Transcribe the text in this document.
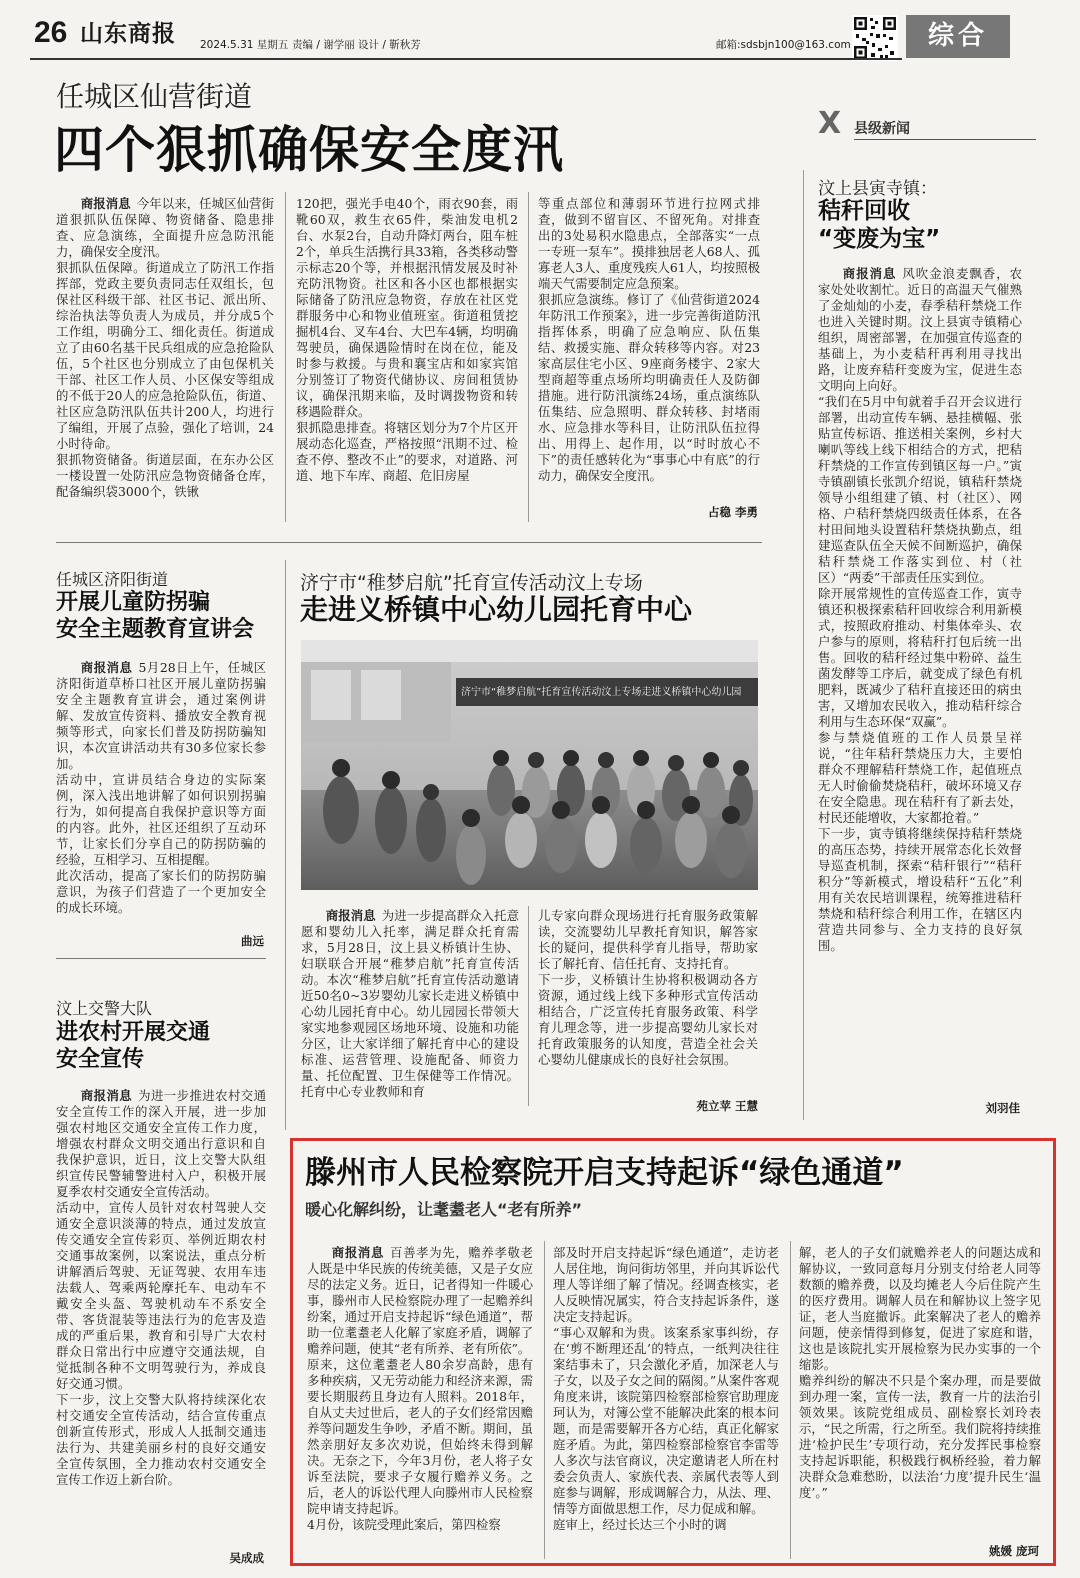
26 山东商报 2024.5.31 星期五 责编 / 谢学丽 设计 / 靳秋芳	邮箱:sdsbjn100@163.com	综合
X 县级新闻
任城区仙营街道
四个狠抓确保安全度汛

商报消息 今年以来，任城区仙营街道狠抓队伍保障、物资储备、隐患排查、应急演练，全面提升应急防汛能力，确保安全度汛。
狠抓队伍保障。街道成立了防汛工作指挥部，党政主要负责同志任双组长，包保社区科级干部、社区书记、派出所、综治执法等负责人为成员，并分成5个工作组，明确分工、细化责任。街道成立了由60名基干民兵组成的应急抢险队伍，5个社区也分别成立了由包保机关干部、社区工作人员、小区保安等组成的不低于20人的应急抢险队伍，街道、社区应急防汛队伍共计200人，均进行了编组，开展了点验，强化了培训，24小时待命。
狠抓物资储备。街道层面，在东办公区一楼设置一处防汛应急物资储备仓库，配备编织袋3000个，铁锹

120把，强光手电40个，雨衣90套，雨靴60双，救生衣65件，柴油发电机2台、水泵2台，自动升降灯两台，阻车桩2个，单兵生活携行具33箱，各类移动警示标志20个等，并根据汛情发展及时补充防汛物资。社区和各小区也都根据实际储备了防汛应急物资，存放在社区党群服务中心和物业值班室。街道租赁挖掘机4台、叉车4台、大巴车4辆，均明确驾驶员，确保遇险情时在岗在位，能及时参与救援。与贵和襄宝店和如家宾馆分别签订了物资代储协议、房间租赁协议，确保汛期来临，及时调拨物资和转移遇险群众。
狠抓隐患排查。将辖区划分为7个片区开展动态化巡查，严格按照“汛期不过、检查不停、整改不止”的要求，对道路、河道、地下车库、商超、危旧房屋

等重点部位和薄弱环节进行拉网式排查，做到不留盲区、不留死角。对排查出的3处易积水隐患点，全部落实“一点一专班一泵车”。摸排独居老人68人、孤寡老人3人、重度残疾人61人，均按照极端天气需要制定应急预案。
狠抓应急演练。修订了《仙营街道2024年防汛工作预案》，进一步完善街道防汛指挥体系，明确了应急响应、队伍集结、救援实施、群众转移等内容。对23家高层住宅小区、9座商务楼宇、2家大型商超等重点场所均明确责任人及防御措施。进行防汛演练24场，重点演练队伍集结、应急照明、群众转移、封堵雨水、应急排水等科目，让防汛队伍拉得出、用得上、起作用，以“时时放心不下”的责任感转化为“事事心中有底”的行动力，确保安全度汛。

占稳 李勇
任城区济阳街道
开展儿童防拐骗
安全主题教育宣讲会

商报消息 5月28日上午，任城区济阳街道草桥口社区开展儿童防拐骗安全主题教育宣讲会，通过案例讲解、发放宣传资料、播放安全教育视频等形式，向家长们普及防拐防骗知识，本次宣讲活动共有30多位家长参加。
活动中，宣讲员结合身边的实际案例，深入浅出地讲解了如何识别拐骗行为，如何提高自我保护意识等方面的内容。此外，社区还组织了互动环节，让家长们分享自己的防拐防骗的经验，互相学习、互相提醒。
此次活动，提高了家长们的防拐防骗意识，为孩子们营造了一个更加安全的成长环境。

曲远
汶上交警大队
进农村开展交通
安全宣传

商报消息 为进一步推进农村交通安全宣传工作的深入开展，进一步加强农村地区交通安全宣传工作力度，增强农村群众文明交通出行意识和自我保护意识，近日，汶上交警大队组织宣传民警辅警进村入户，积极开展夏季农村交通安全宣传活动。
活动中，宣传人员针对农村驾驶人交通安全意识淡薄的特点，通过发放宣传交通安全宣传彩页、举例近期农村交通事故案例，以案说法，重点分析讲解酒后驾驶、无证驾驶、农用车违法载人、驾乘两轮摩托车、电动车不戴安全头盔、驾驶机动车不系安全带、客货混装等违法行为的危害及造成的严重后果，教育和引导广大农村群众日常出行中应遵守交通法规，自觉抵制各种不文明驾驶行为，养成良好交通习惯。
下一步，汶上交警大队将持续深化农村交通安全宣传活动，结合宣传重点创新宣传形式，形成人人抵制交通违法行为、共建美丽乡村的良好交通安全宣传氛围，全力推动农村交通安全宣传工作迈上新台阶。

吴成成
济宁市“稚梦启航”托育宣传活动汶上专场
走进义桥镇中心幼儿园托育中心
济宁市“稚梦启航”托育宣传活动汶上专场走进义桥镇中心幼儿园

商报消息 为进一步提高群众入托意愿和婴幼儿入托率，满足群众托育需求，5月28日，汶上县义桥镇计生协、妇联联合开展“稚梦启航”托育宣传活动。本次“稚梦启航”托育宣传活动邀请近50名0~3岁婴幼儿家长走进义桥镇中心幼儿园托育中心。幼儿园园长带领大家实地参观园区场地环境、设施和功能分区，让大家详细了解托育中心的建设标准、运营管理、设施配备、师资力量、托位配置、卫生保健等工作情况。托育中心专业教师和育

儿专家向群众现场进行托育服务政策解读，交流婴幼儿早教托育知识，解答家长的疑问，提供科学育儿指导，帮助家长了解托育、信任托育、支持托育。
下一步，义桥镇计生协将积极调动各方资源，通过线上线下多种形式宣传活动相结合，广泛宣传托育服务政策、科学育儿理念等，进一步提高婴幼儿家长对托育政策服务的认知度，营造全社会关心婴幼儿健康成长的良好社会氛围。

苑立苹 王慧
汶上县寅寺镇：
秸秆回收
“变废为宝”

商报消息 风吹金浪麦飘香，农家处处收割忙。近日的高温天气催熟了金灿灿的小麦，春季秸秆禁烧工作也进入关键时期。汶上县寅寺镇精心组织，周密部署，在加强宣传巡查的基础上，为小麦秸秆再利用寻找出路，让废弃秸秆变废为宝，促进生态文明向上向好。
“我们在5月中旬就着手召开会议进行部署，出动宣传车辆、悬挂横幅、张贴宣传标语、推送相关案例，乡村大喇叭等线上线下相结合的方式，把秸秆禁烧的工作宣传到镇区每一户。”寅寺镇副镇长张凯介绍说，镇秸秆禁烧领导小组组建了镇、村（社区）、网格、户秸秆禁烧四级责任体系，在各村田间地头设置秸秆禁烧执勤点，组建巡查队伍全天候不间断巡护，确保秸秆禁烧工作落实到位、村（社区）“两委”干部责任压实到位。
除开展常规性的宣传巡查工作，寅寺镇还积极探索秸秆回收综合利用新模式，按照政府推动、村集体牵头、农户参与的原则，将秸秆打包后统一出售。回收的秸秆经过集中粉碎、益生菌发酵等工序后，就变成了绿色有机肥料，既减少了秸秆直接还田的病虫害，又增加农民收入，推动秸秆综合利用与生态环保“双赢”。
参与禁烧值班的工作人员景呈祥说，“往年秸秆禁烧压力大，主要怕群众不理解秸秆禁烧工作，起值班点无人时偷偷焚烧秸秆，破坏环境又存在安全隐患。现在秸秆有了新去处，村民还能增收，大家都抢着。”
下一步，寅寺镇将继续保持秸秆禁烧的高压态势，持续开展常态化长效督导巡查机制，探索“秸秆银行”“秸秆积分”等新模式，增设秸秆“五化”利用有关农民培训课程，统筹推进秸秆禁烧和秸秆综合利用工作，在辖区内营造共同参与、全力支持的良好氛围。

刘羽佳
滕州市人民检察院开启支持起诉“绿色通道”
暖心化解纠纷，让耄耋老人“老有所养”

商报消息 百善孝为先，赡养孝敬老人既是中华民族的传统美德，又是子女应尽的法定义务。近日，记者得知一件暖心事，滕州市人民检察院办理了一起赡养纠纷案，通过开启支持起诉“绿色通道”，帮助一位耄耋老人化解了家庭矛盾，调解了赡养问题，使其“老有所养、老有所依”。
原来，这位耄耋老人80余岁高龄，患有多种疾病，又无劳动能力和经济来源，需要长期服药且身边有人照料。2018年，自从丈夫过世后，老人的子女们经常因赡养等问题发生争吵，矛盾不断。期间，虽然亲朋好友多次劝说，但始终未得到解决。无奈之下，今年3月份，老人将子女诉至法院，要求子女履行赡养义务。之后，老人的诉讼代理人向滕州市人民检察院申请支持起诉。
4月份，该院受理此案后，第四检察

部及时开启支持起诉“绿色通道”，走访老人居住地，询问街坊邻里，并向其诉讼代理人等详细了解了情况。经调查核实，老人反映情况属实，符合支持起诉条件，遂决定支持起诉。
“事心双解和为贵。该案系家事纠纷，存在‘剪不断理还乱’的特点，一纸判决往往案结事未了，只会激化矛盾，加深老人与子女，以及子女之间的隔阂。”从案件客观角度来讲，该院第四检察部检察官助理庞珂认为，对簿公堂不能解决此案的根本问题，而是需要解开各方心结，真正化解家庭矛盾。为此，第四检察部检察官李雷等人多次与法官商议，决定邀请老人所在村委会负责人、家族代表、亲属代表等人到庭参与调解，形成调解合力，从法、理、情等方面做思想工作，尽力促成和解。
庭审上，经过长达三个小时的调

解，老人的子女们就赡养老人的问题达成和解协议，一致同意每月分别支付给老人同等数额的赡养费，以及均摊老人今后住院产生的医疗费用。调解人员在和解协议上签字见证，老人当庭撤诉。此案解决了老人的赡养问题，使亲情得到修复，促进了家庭和谐，这也是该院扎实开展检察为民办实事的一个缩影。
赡养纠纷的解决不只是个案办理，而是要做到办理一案，宣传一法，教育一片的法治引领效果。该院党组成员、副检察长刘玲表示，“民之所需，行之所至。我们院将持续推进‘检护民生’专项行动，充分发挥民事检察支持起诉职能，积极践行枫桥经验，着力解决群众急难愁盼，以法治‘力度’提升民生‘温度’。”

姚媛 庞珂
